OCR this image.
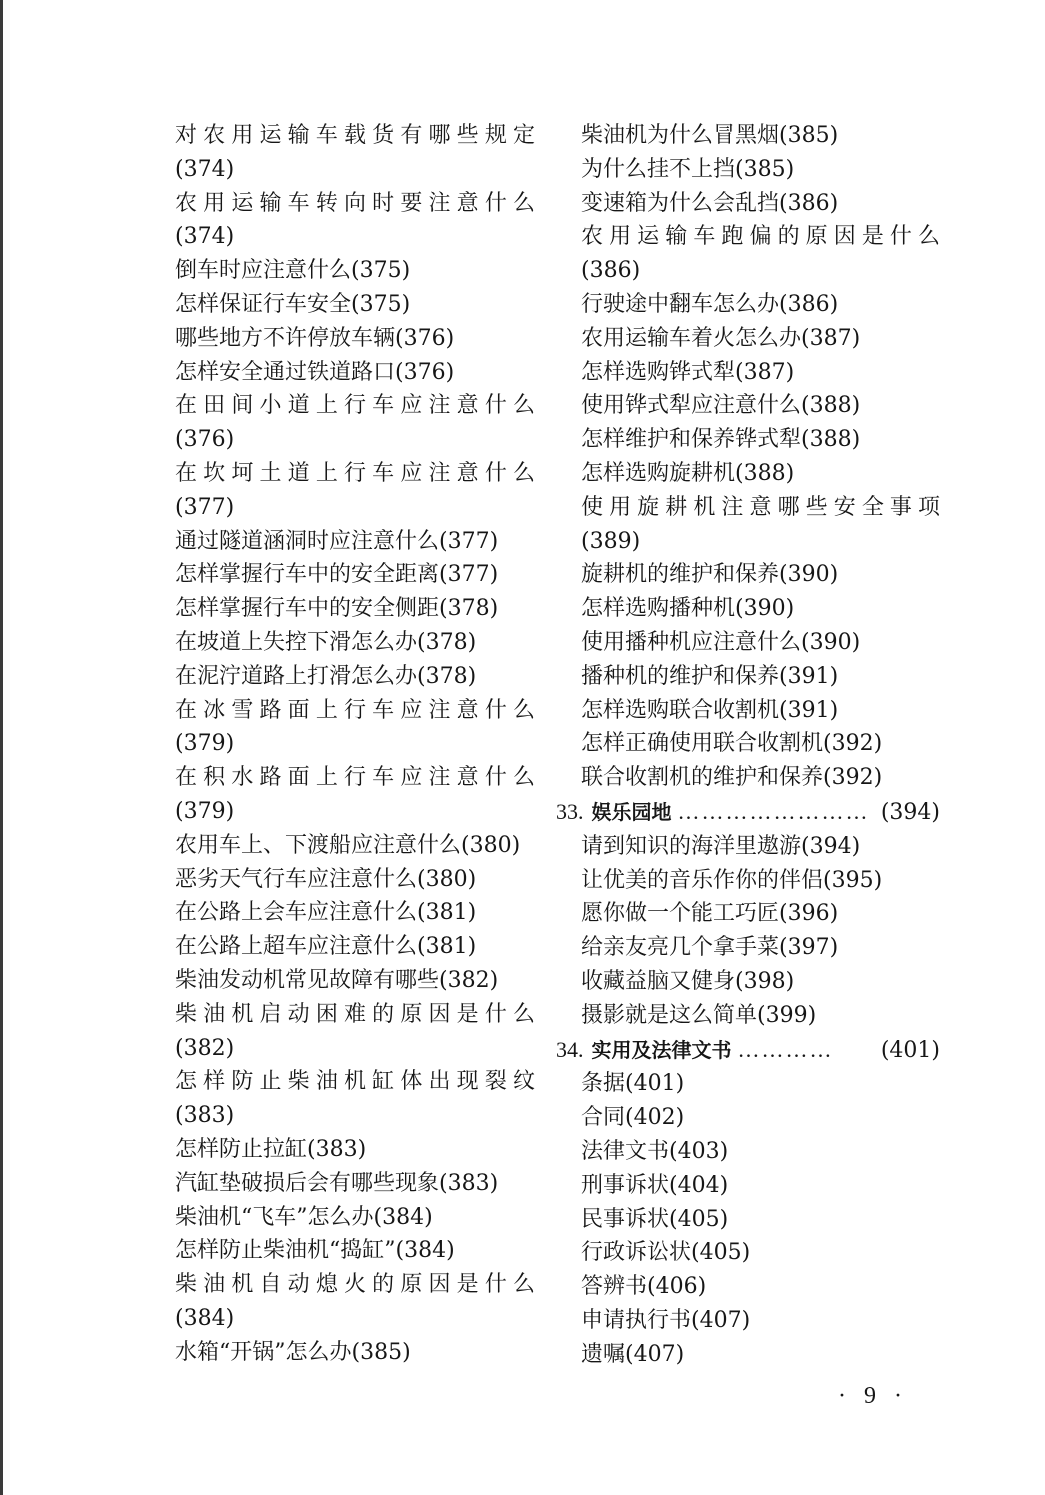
对农用运输车载货有哪些规定
(374)
农用运输车转向时要注意什么
(374)
倒车时应注意什么(375)
怎样保证行车安全(375)
哪些地方不许停放车辆(376)
怎样安全通过铁道路口(376)
在田间小道上行车应注意什么
(376)
在坎坷土道上行车应注意什么
(377)
通过隧道涵洞时应注意什么(377)
怎样掌握行车中的安全距离(377)
怎样掌握行车中的安全侧距(378)
在坡道上失控下滑怎么办(378)
在泥泞道路上打滑怎么办(378)
在冰雪路面上行车应注意什么
(379)
在积水路面上行车应注意什么
(379)
农用车上、下渡船应注意什么(380)
恶劣天气行车应注意什么(380)
在公路上会车应注意什么(381)
在公路上超车应注意什么(381)
柴油发动机常见故障有哪些(382)
柴油机启动困难的原因是什么
(382)
怎样防止柴油机缸体出现裂纹
(383)
怎样防止拉缸(383)
汽缸垫破损后会有哪些现象(383)
柴油机“飞车”怎么办(384)
怎样防止柴油机“捣缸”(384)
柴油机自动熄火的原因是什么
(384)
水箱“开锅”怎么办(385)
柴油机为什么冒黑烟(385)
为什么挂不上挡(385)
变速箱为什么会乱挡(386)
农用运输车跑偏的原因是什么
(386)
行驶途中翻车怎么办(386)
农用运输车着火怎么办(387)
怎样选购铧式犁(387)
使用铧式犁应注意什么(388)
怎样维护和保养铧式犁(388)
怎样选购旋耕机(388)
使用旋耕机注意哪些安全事项
(389)
旋耕机的维护和保养(390)
怎样选购播种机(390)
使用播种机应注意什么(390)
播种机的维护和保养(391)
怎样选购联合收割机(391)
怎样正确使用联合收割机(392)
联合收割机的维护和保养(392)
33. 娱乐园地 …………………… (394)
请到知识的海洋里遨游(394)
让优美的音乐作你的伴侣(395)
愿你做一个能工巧匠(396)
给亲友亮几个拿手菜(397)
收藏益脑又健身(398)
摄影就是这么简单(399)
34. 实用及法律文书 …………	(401)
条据(401)
合同(402)
法律文书(403)
刑事诉状(404)
民事诉状(405)
行政诉讼状(405)
答辨书(406)
申请执行书(407)
遗嘱(407)
· 9 ·
